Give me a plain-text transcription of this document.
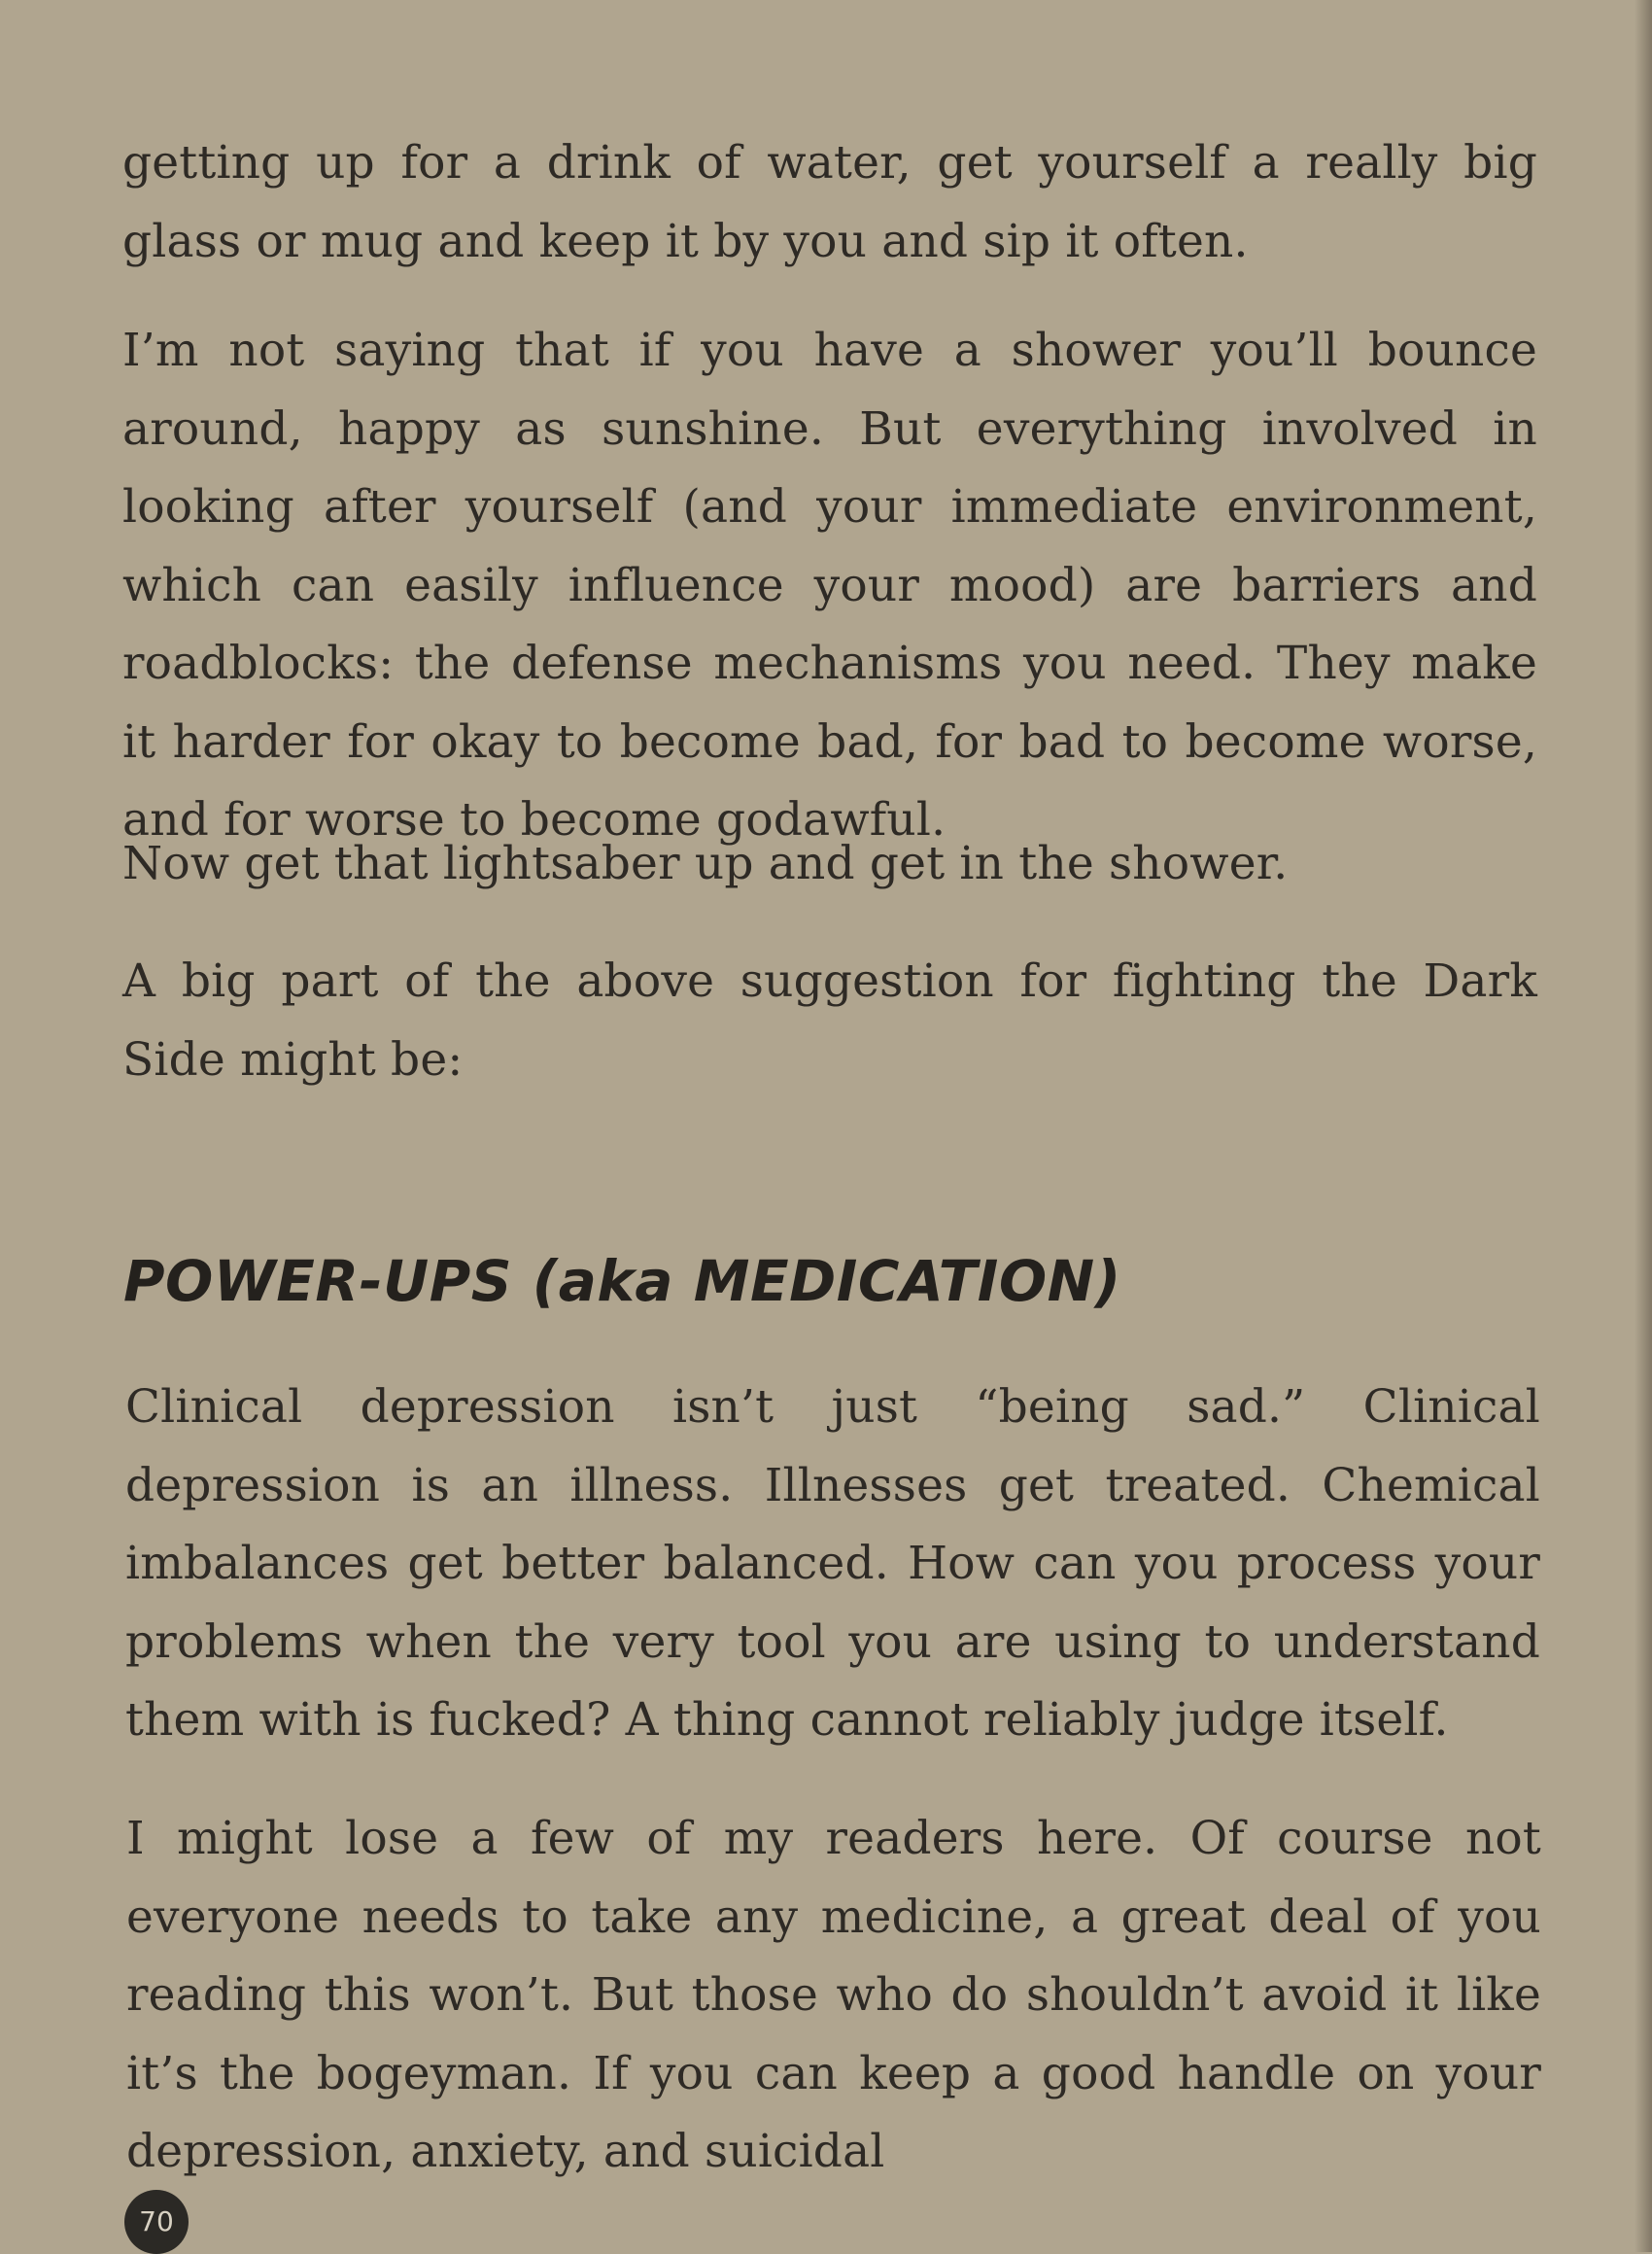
getting up for a drink of water, get yourself a really big glass or mug and keep it by you and sip it often.

I’m not saying that if you have a shower you’ll bounce around, happy as sunshine. But everything involved in looking after yourself (and your immediate environment, which can easily influence your mood) are barriers and roadblocks: the defense mechanisms you need. They make it harder for okay to become bad, for bad to become worse, and for worse to become godawful.

Now get that lightsaber up and get in the shower.

A big part of the above suggestion for fighting the Dark Side might be:

POWER-UPS (aka MEDICATION)

Clinical depression isn’t just “being sad.” Clinical depression is an illness. Illnesses get treated. Chemical imbalances get better balanced. How can you process your problems when the very tool you are using to understand them with is fucked? A thing cannot reliably judge itself.

I might lose a few of my readers here. Of course not everyone needs to take any medicine, a great deal of you reading this won’t. But those who do shouldn’t avoid it like it’s the bogeyman. If you can keep a good handle on your depression, anxiety, and suicidal

70
